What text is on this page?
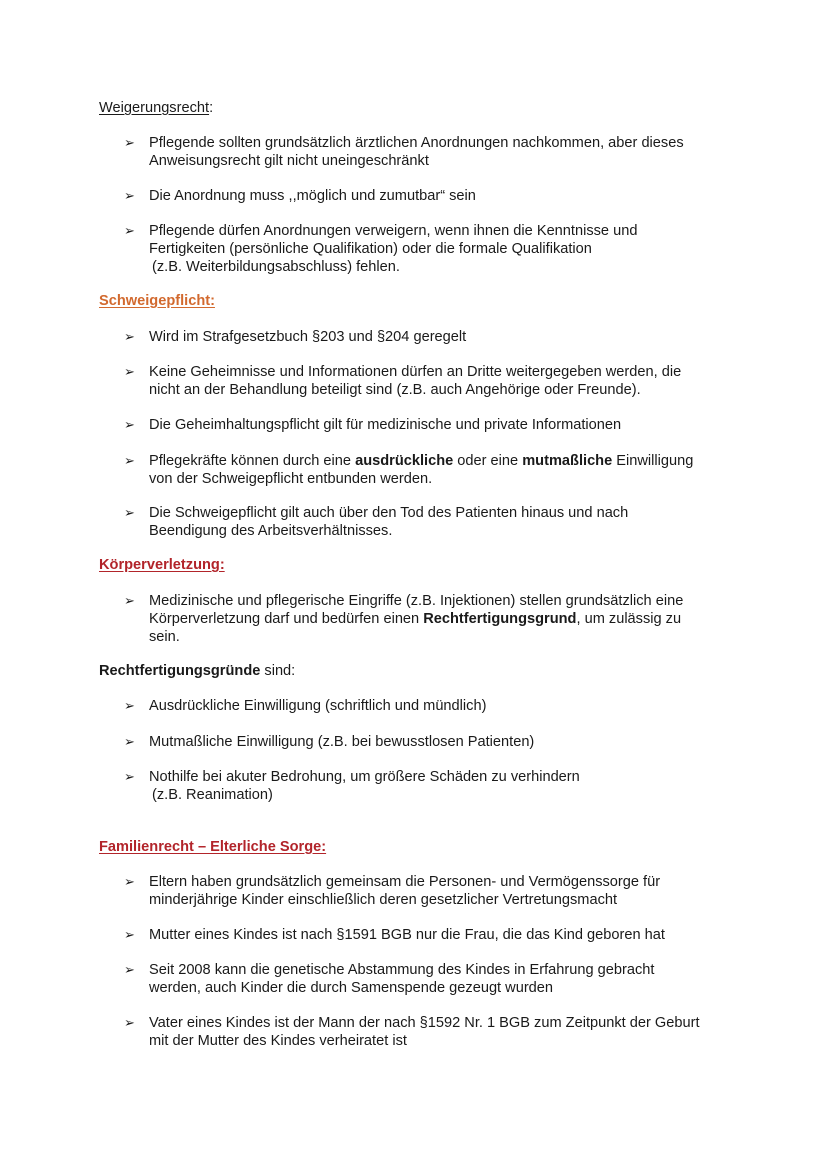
Weigerungsrecht:
➢ Pflegende sollten grundsätzlich ärztlichen Anordnungen nachkommen, aber dieses
Anweisungsrecht gilt nicht uneingeschränkt
➢ Die Anordnung muss ,,möglich und zumutbar“ sein
➢ Pflegende dürfen Anordnungen verweigern, wenn ihnen die Kenntnisse und
Fertigkeiten (persönliche Qualifikation) oder die formale Qualifikation
(z.B. Weiterbildungsabschluss) fehlen.
Schweigepflicht:
➢ Wird im Strafgesetzbuch §203 und §204 geregelt
➢ Keine Geheimnisse und Informationen dürfen an Dritte weitergegeben werden, die
nicht an der Behandlung beteiligt sind (z.B. auch Angehörige oder Freunde).
➢ Die Geheimhaltungspflicht gilt für medizinische und private Informationen
➢ Pflegekräfte können durch eine ausdrückliche oder eine mutmaßliche Einwilligung
von der Schweigepflicht entbunden werden.
➢ Die Schweigepflicht gilt auch über den Tod des Patienten hinaus und nach
Beendigung des Arbeitsverhältnisses.
Körperverletzung:
➢ Medizinische und pflegerische Eingriffe (z.B. Injektionen) stellen grundsätzlich eine
Körperverletzung darf und bedürfen einen Rechtfertigungsgrund, um zulässig zu
sein.
Rechtfertigungsgründe sind:
➢ Ausdrückliche Einwilligung (schriftlich und mündlich)
➢ Mutmaßliche Einwilligung (z.B. bei bewusstlosen Patienten)
➢ Nothilfe bei akuter Bedrohung, um größere Schäden zu verhindern
(z.B. Reanimation)
Familienrecht – Elterliche Sorge:
➢ Eltern haben grundsätzlich gemeinsam die Personen- und Vermögenssorge für
minderjährige Kinder einschließlich deren gesetzlicher Vertretungsmacht
➢ Mutter eines Kindes ist nach §1591 BGB nur die Frau, die das Kind geboren hat
➢ Seit 2008 kann die genetische Abstammung des Kindes in Erfahrung gebracht
werden, auch Kinder die durch Samenspende gezeugt wurden
➢ Vater eines Kindes ist der Mann der nach §1592 Nr. 1 BGB zum Zeitpunkt der Geburt
mit der Mutter des Kindes verheiratet ist
